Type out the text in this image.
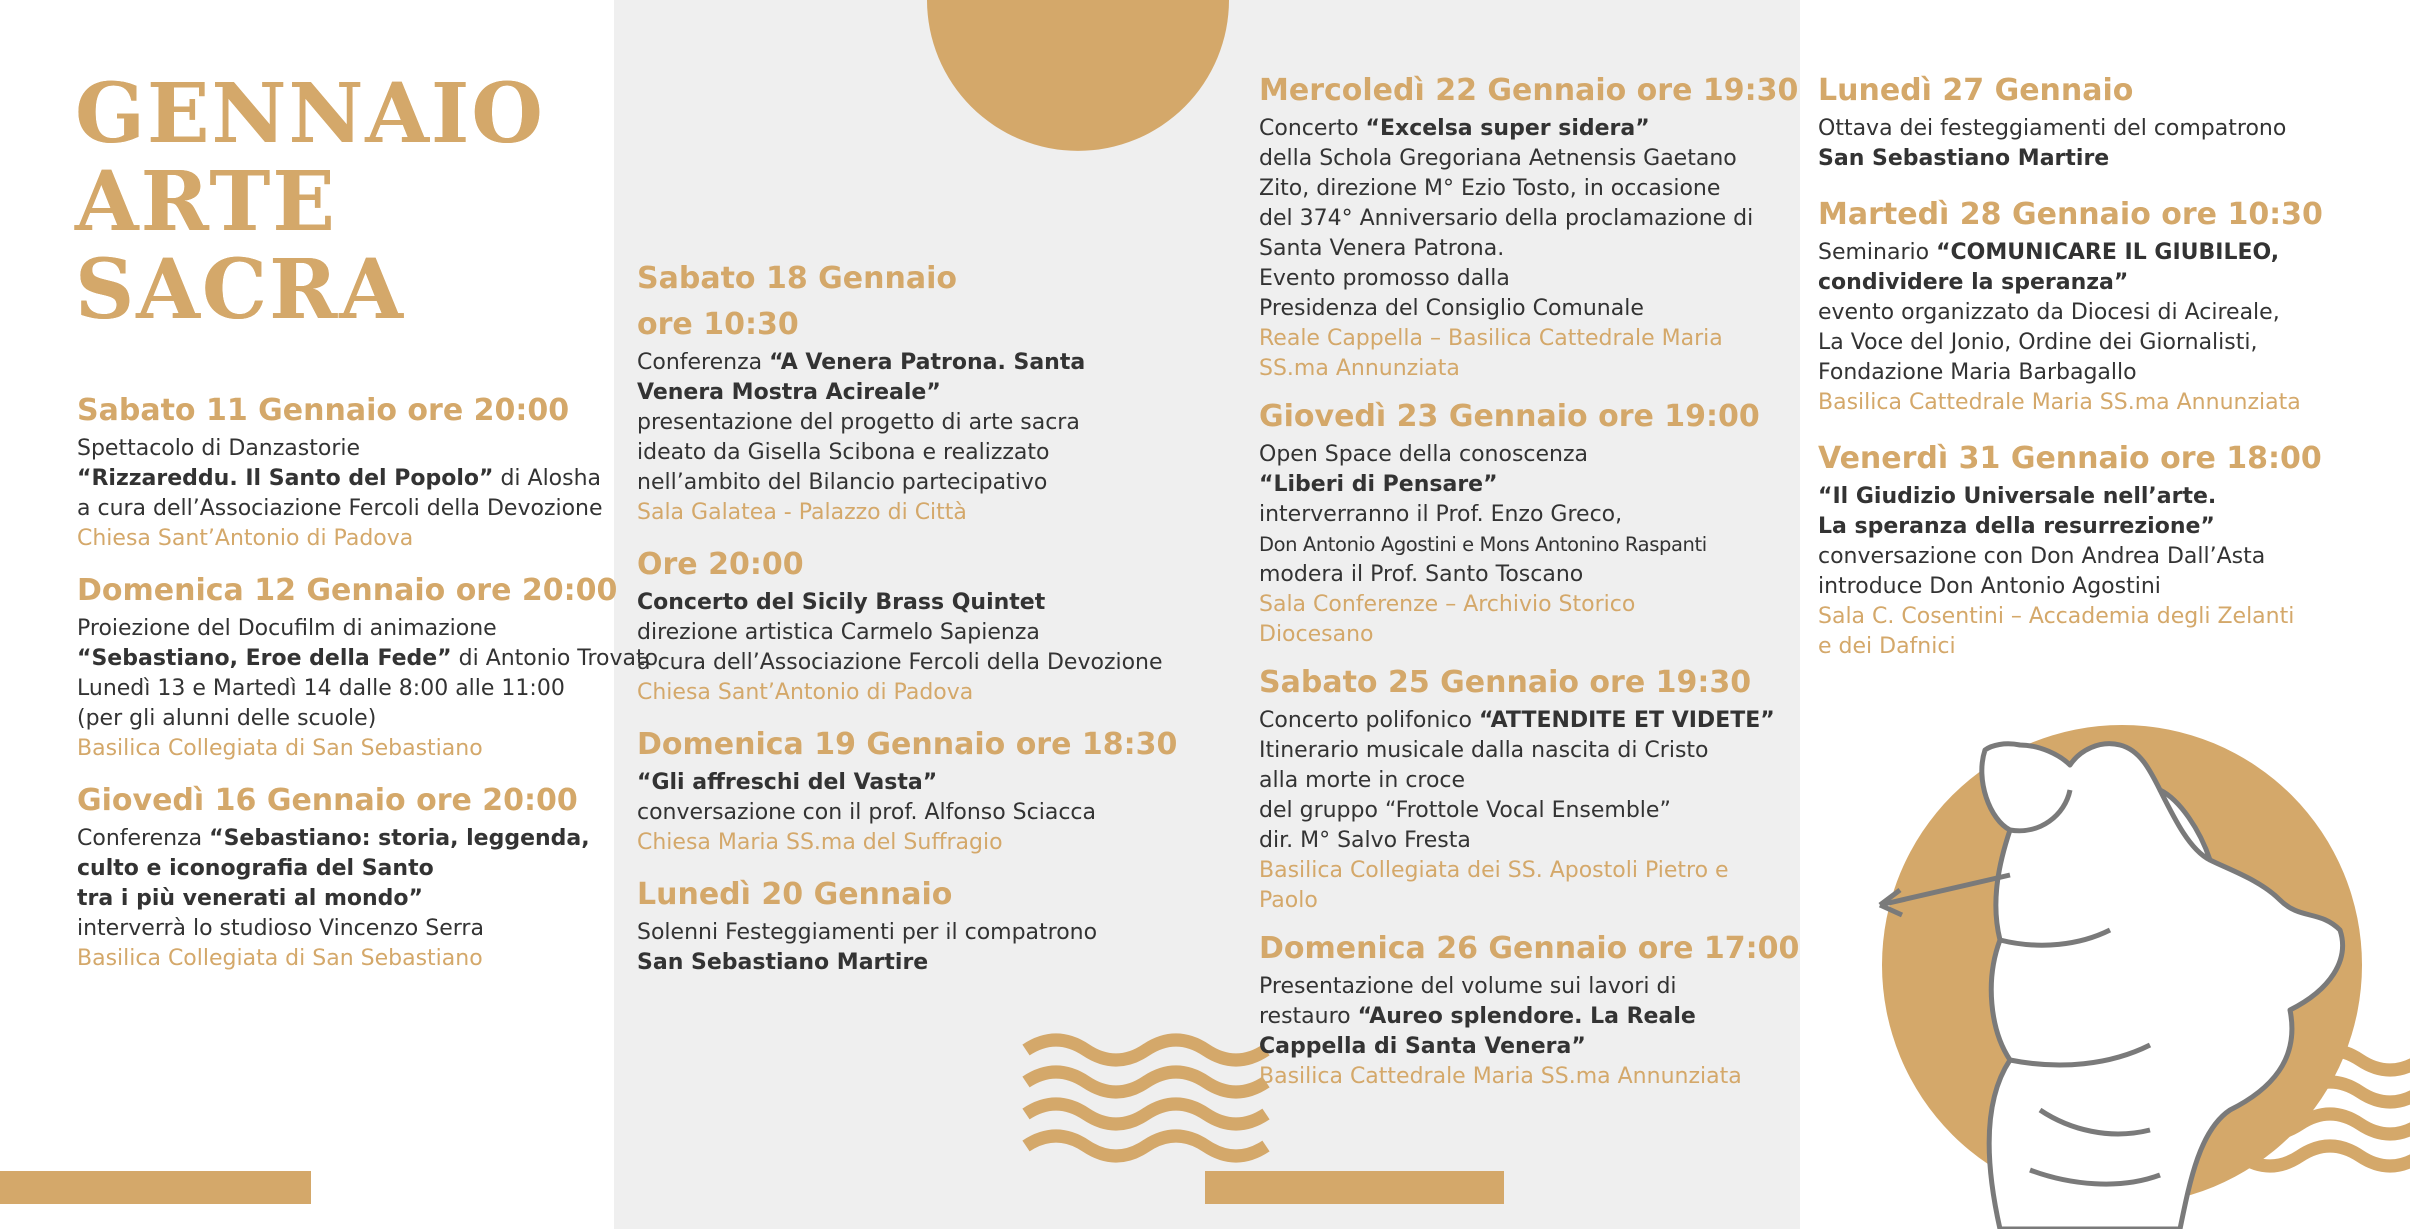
GENNAIO
ARTE
SACRA
Sabato 11 Gennaio ore 20:00
Spettacolo di Danzastorie
“Rizzareddu. Il Santo del Popolo” di Alosha
a cura dell’Associazione Fercoli della Devozione
Chiesa Sant’Antonio di Padova
Domenica 12 Gennaio ore 20:00
Proiezione del Docufilm di animazione
“Sebastiano, Eroe della Fede” di Antonio Trovato
Lunedì 13 e Martedì 14 dalle 8:00 alle 11:00
(per gli alunni delle scuole)
Basilica Collegiata di San Sebastiano
Giovedì 16 Gennaio ore 20:00
Conferenza “Sebastiano: storia, leggenda,
culto e iconografia del Santo
tra i più venerati al mondo”
interverrà lo studioso Vincenzo Serra
Basilica Collegiata di San Sebastiano
Sabato 18 Gennaio
ore 10:30
Conferenza “A Venera Patrona. Santa
Venera Mostra Acireale”
presentazione del progetto di arte sacra
ideato da Gisella Scibona e realizzato
nell’ambito del Bilancio partecipativo
Sala Galatea - Palazzo di Città
Ore 20:00
Concerto del Sicily Brass Quintet
direzione artistica Carmelo Sapienza
a cura dell’Associazione Fercoli della Devozione
Chiesa Sant’Antonio di Padova
Domenica 19 Gennaio ore 18:30
“Gli affreschi del Vasta”
conversazione con il prof. Alfonso Sciacca
Chiesa Maria SS.ma del Suffragio
Lunedì 20 Gennaio
Solenni Festeggiamenti per il compatrono
San Sebastiano Martire
Mercoledì 22 Gennaio ore 19:30
Concerto “Excelsa super sidera”
della Schola Gregoriana Aetnensis Gaetano
Zito, direzione M° Ezio Tosto, in occasione
del 374° Anniversario della proclamazione di
Santa Venera Patrona.
Evento promosso dalla
Presidenza del Consiglio Comunale
Reale Cappella – Basilica Cattedrale Maria
SS.ma Annunziata
Giovedì 23 Gennaio ore 19:00
Open Space della conoscenza
“Liberi di Pensare”
interverranno il Prof. Enzo Greco,
Don Antonio Agostini e Mons Antonino Raspanti
modera il Prof. Santo Toscano
Sala Conferenze – Archivio Storico
Diocesano
Sabato 25 Gennaio ore 19:30
Concerto polifonico “ATTENDITE ET VIDETE”
Itinerario musicale dalla nascita di Cristo
alla morte in croce
del gruppo “Frottole Vocal Ensemble”
dir. M° Salvo Fresta
Basilica Collegiata dei SS. Apostoli Pietro e
Paolo
Domenica 26 Gennaio ore 17:00
Presentazione del volume sui lavori di
restauro “Aureo splendore. La Reale
Cappella di Santa Venera”
Basilica Cattedrale Maria SS.ma Annunziata
Lunedì 27 Gennaio
Ottava dei festeggiamenti del compatrono
San Sebastiano Martire
Martedì 28 Gennaio ore 10:30
Seminario “COMUNICARE IL GIUBILEO,
condividere la speranza”
evento organizzato da Diocesi di Acireale,
La Voce del Jonio, Ordine dei Giornalisti,
Fondazione Maria Barbagallo
Basilica Cattedrale Maria SS.ma Annunziata
Venerdì 31 Gennaio ore 18:00
“Il Giudizio Universale nell’arte.
La speranza della resurrezione”
conversazione con Don Andrea Dall’Asta
introduce Don Antonio Agostini
Sala C. Cosentini – Accademia degli Zelanti
e dei Dafnici
